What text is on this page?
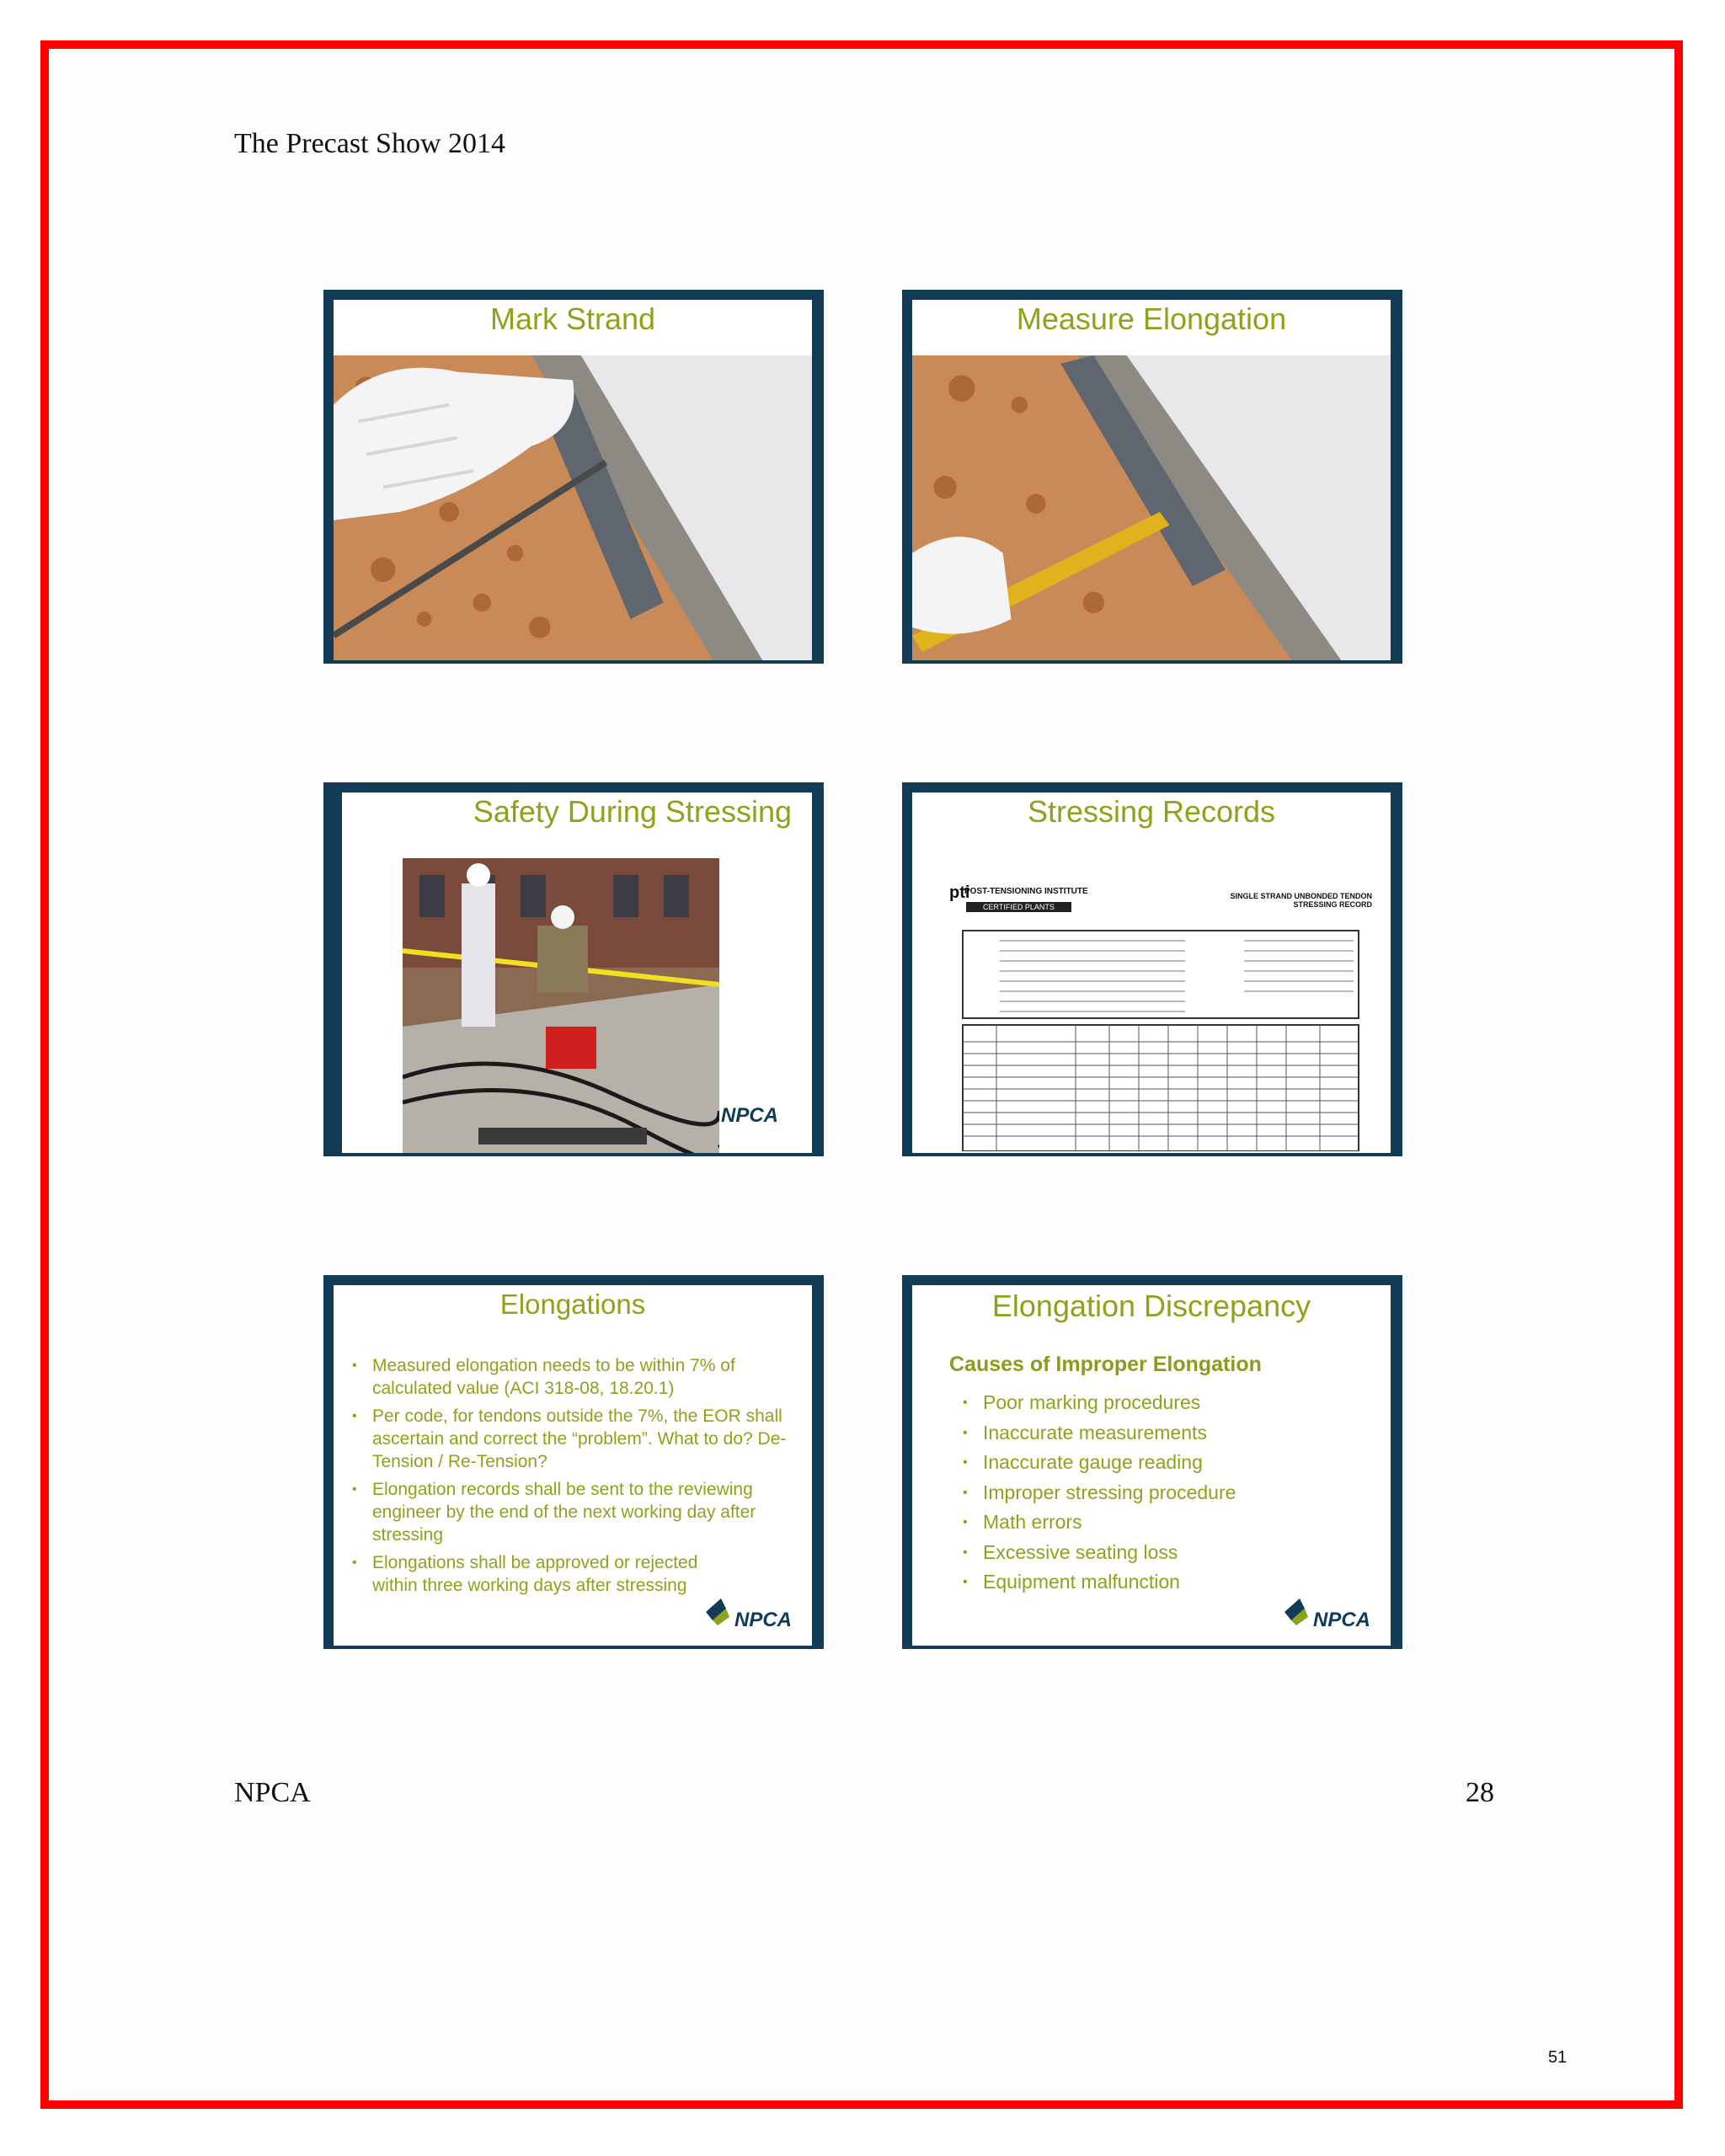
The Precast Show 2014
Mark Strand	Measure Elongation
Safety During Stressing
NPCA
Stressing Records
POST-TENSIONING INSTITUTE
CERTIFIED PLANTS
pti	SINGLE STRAND UNBONDED TENDON
STRESSING RECORD
Elongations
• Measured elongation needs to be within 7% of calculated value (ACI 318-08, 18.20.1)
• Per code, for tendons outside the 7%, the EOR shall ascertain and correct the “problem”. What to do? De-Tension / Re-Tension?
• Elongation records shall be sent to the reviewing engineer by the end of the next working day after stressing
• Elongations shall be approved or rejected within three working days after stressing
NPCA
Elongation Discrepancy
Causes of Improper Elongation
• Poor marking procedures
• Inaccurate measurements
• Inaccurate gauge reading
• Improper stressing procedure
• Math errors
• Excessive seating loss
• Equipment malfunction
NPCA
NPCA	28
51
